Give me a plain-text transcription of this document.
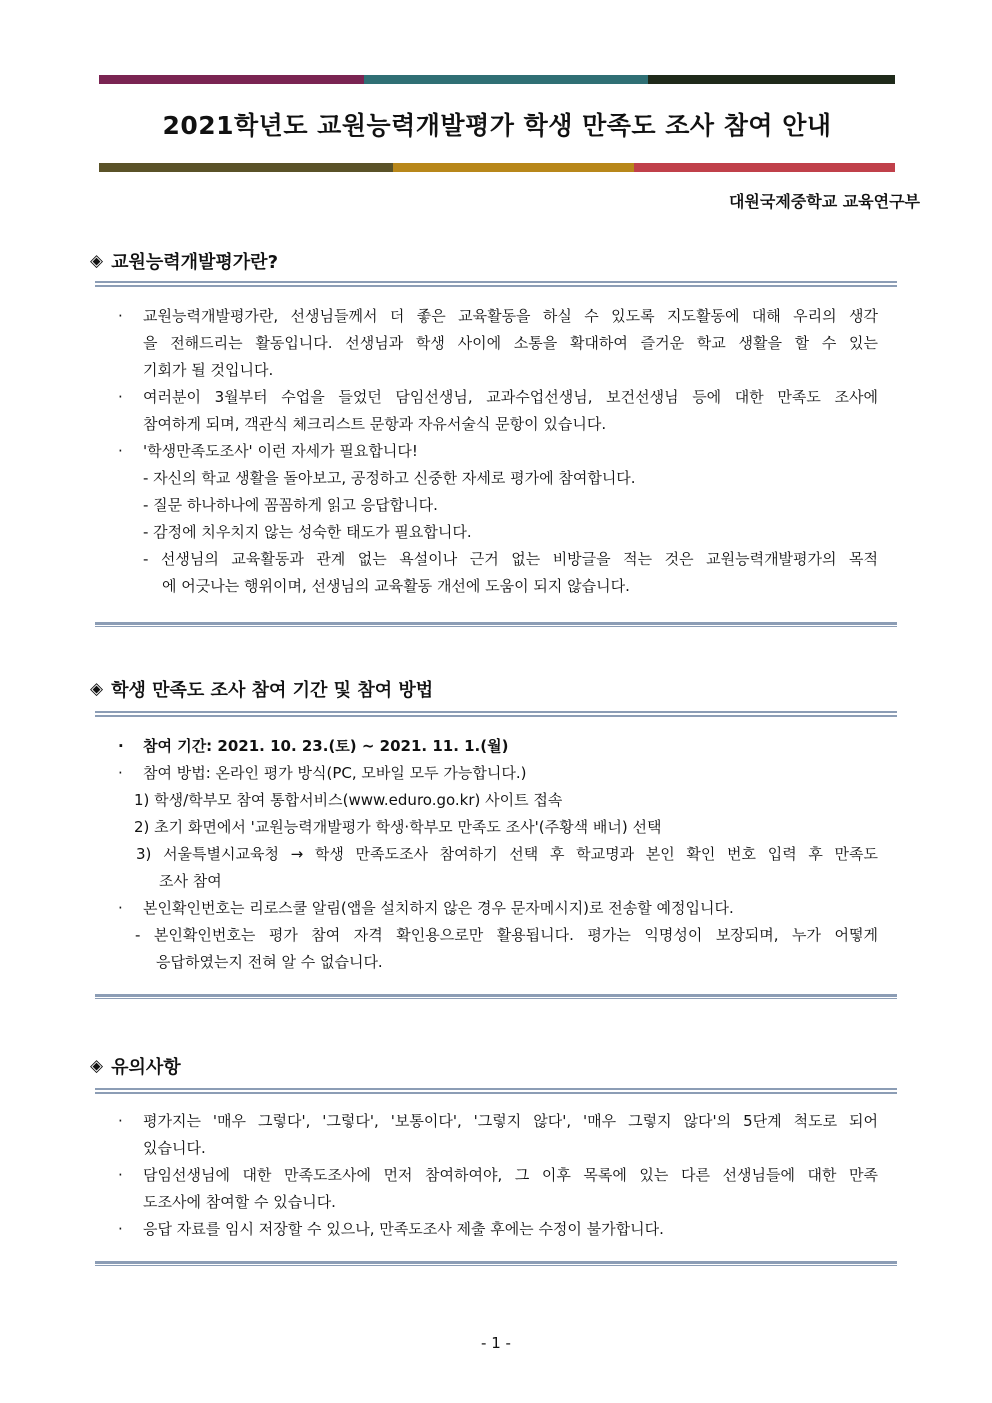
2021학년도 교원능력개발평가 학생 만족도 조사 참여 안내
대원국제중학교 교육연구부
◈ 교원능력개발평가란?
·	교원능력개발평가란, 선생님들께서 더 좋은 교육활동을 하실 수 있도록 지도활동에 대해 우리의 생각
을 전해드리는 활동입니다. 선생님과 학생 사이에 소통을 확대하여 즐거운 학교 생활을 할 수 있는
기회가 될 것입니다.
·	여러분이 3월부터 수업을 들었던 담임선생님, 교과수업선생님, 보건선생님 등에 대한 만족도 조사에
참여하게 되며, 객관식 체크리스트 문항과 자유서술식 문항이 있습니다.
·	'학생만족도조사' 이런 자세가 필요합니다!
- 자신의 학교 생활을 돌아보고, 공정하고 신중한 자세로 평가에 참여합니다.
- 질문 하나하나에 꼼꼼하게 읽고 응답합니다.
- 감정에 치우치지 않는 성숙한 태도가 필요합니다.
- 선생님의 교육활동과 관계 없는 욕설이나 근거 없는 비방글을 적는 것은 교원능력개발평가의 목적
에 어긋나는 행위이며, 선생님의 교육활동 개선에 도움이 되지 않습니다.
◈ 학생 만족도 조사 참여 기간 및 참여 방법
·	참여 기간: 2021. 10. 23.(토) ~ 2021. 11. 1.(월)
·	참여 방법: 온라인 평가 방식(PC, 모바일 모두 가능합니다.)
1) 학생/학부모 참여 통합서비스(www.eduro.go.kr) 사이트 접속
2) 초기 화면에서 '교원능력개발평가 학생·학부모 만족도 조사'(주황색 배너) 선택
3) 서울특별시교육청 → 학생 만족도조사 참여하기 선택 후 학교명과 본인 확인 번호 입력 후 만족도
조사 참여
·	본인확인번호는 리로스쿨 알림(앱을 설치하지 않은 경우 문자메시지)로 전송할 예정입니다.
- 본인확인번호는 평가 참여 자격 확인용으로만 활용됩니다. 평가는 익명성이 보장되며, 누가 어떻게
응답하였는지 전혀 알 수 없습니다.
◈ 유의사항
·	평가지는 '매우 그렇다', '그렇다', '보통이다', '그렇지 않다', '매우 그렇지 않다'의 5단계 척도로 되어
있습니다.
·	담임선생님에 대한 만족도조사에 먼저 참여하여야, 그 이후 목록에 있는 다른 선생님들에 대한 만족
도조사에 참여할 수 있습니다.
·	응답 자료를 임시 저장할 수 있으나, 만족도조사 제출 후에는 수정이 불가합니다.
- 1 -
